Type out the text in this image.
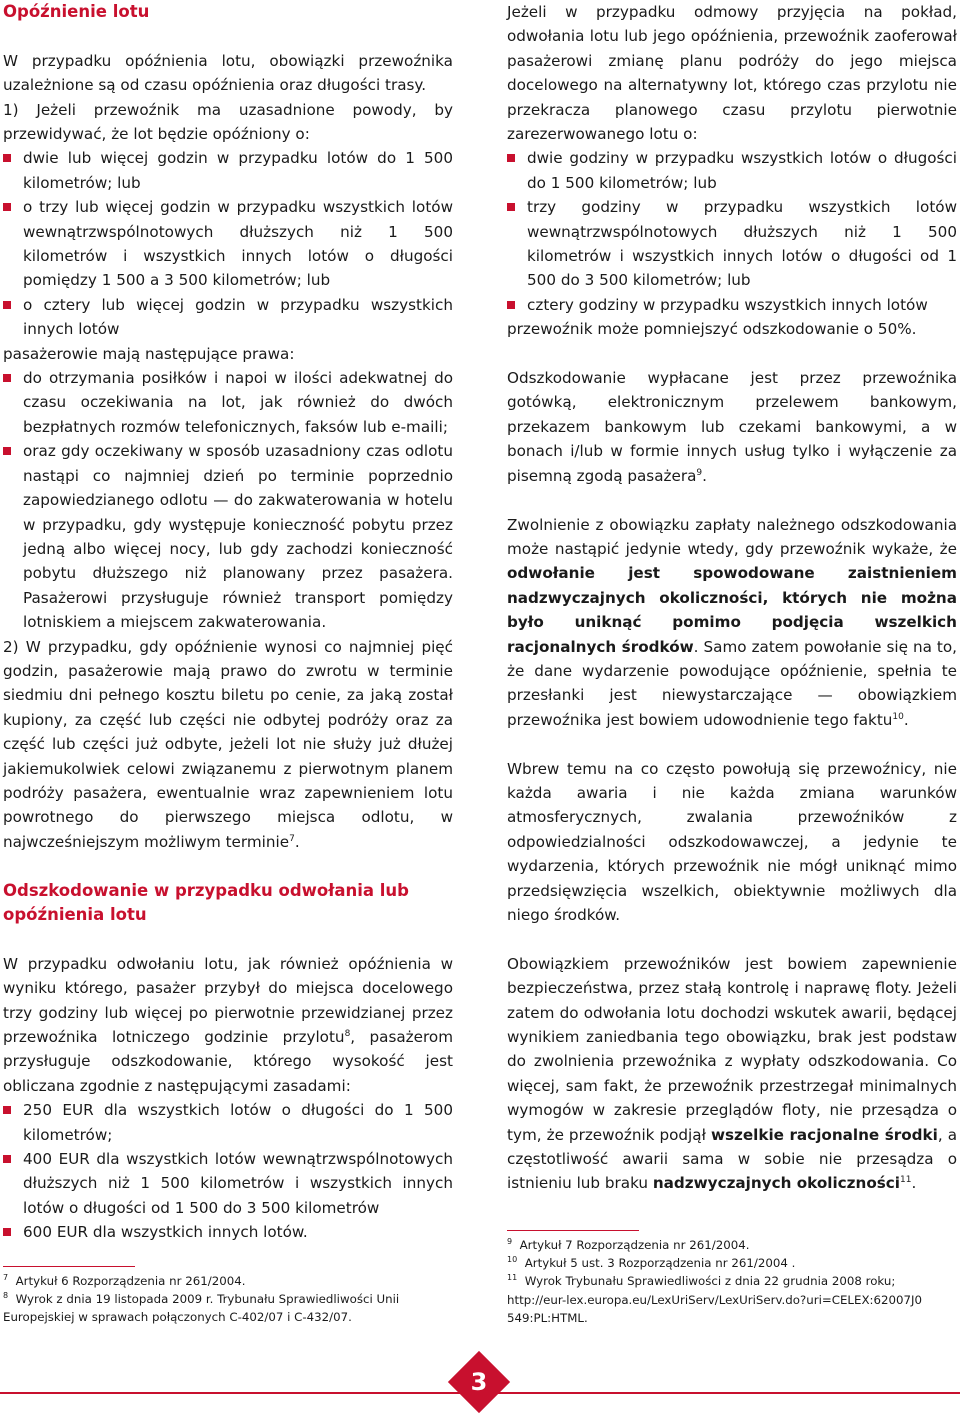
Opóźnienie lotu

W przypadku opóźnienia lotu, obowiązki przewoźnika uzależnione są od czasu opóźnienia oraz długości trasy.

1) Jeżeli przewoźnik ma uzasadnione powody, by przewidywać, że lot będzie opóźniony o:

dwie lub więcej godzin w przypadku lotów do 1 500 kilometrów; lub
o trzy lub więcej godzin w przypadku wszystkich lotów wewnątrzwspólnotowych dłuższych niż 1 500 kilometrów i wszystkich innych lotów o długości pomiędzy 1 500 a 3 500 kilometrów; lub
o cztery lub więcej godzin w przypadku wszystkich innych lotów

pasażerowie mają następujące prawa:

do otrzymania posiłków i napoi w ilości adekwatnej do czasu oczekiwania na lot, jak również do dwóch bezpłatnych rozmów telefonicznych, faksów lub e-maili;
oraz gdy oczekiwany w sposób uzasadniony czas odlotu nastąpi co najmniej dzień po terminie poprzednio zapowiedzianego odlotu — do zakwaterowania w hotelu w przypadku, gdy występuje konieczność pobytu przez jedną albo więcej nocy, lub gdy zachodzi konieczność pobytu dłuższego niż planowany przez pasażera. Pasażerowi przysługuje również transport pomiędzy lotniskiem a miejscem zakwaterowania.

2) W przypadku, gdy opóźnienie wynosi co najmniej pięć godzin, pasażerowie mają prawo do zwrotu w terminie siedmiu dni pełnego kosztu biletu po cenie, za jaką został kupiony, za część lub części nie odbytej podróży oraz za część lub części już odbyte, jeżeli lot nie służy już dłużej jakiemukolwiek celowi związanemu z pierwotnym planem podróży pasażera, ewentualnie wraz zapewnieniem lotu powrotnego do pierwszego miejsca odlotu, w najwcześniejszym możliwym terminie$^7$.

Odszkodowanie w przypadku odwołania lub opóźnienia lotu

W przypadku odwołaniu lotu, jak również opóźnienia w wyniku którego, pasażer przybył do miejsca docelowego trzy godziny lub więcej po pierwotnie przewidzianej przez przewoźnika lotniczego godzinie przylotu$^8$, pasażerom przysługuje odszkodowanie, którego wysokość jest obliczana zgodnie z następującymi zasadami:

250 EUR dla wszystkich lotów o długości do 1 500 kilometrów;
400 EUR dla wszystkich lotów wewnątrzwspólnotowych dłuższych niż 1 500 kilometrów i wszystkich innych lotów o długości od 1 500 do 3 500 kilometrów
600 EUR dla wszystkich innych lotów.
$^7$ Artykuł 6 Rozporządzenia nr 261/2004.
$^8$ Wyrok z dnia 19 listopada 2009 r. Trybunału Sprawiedliwości Unii Europejskiej w sprawach połączonych C-402/07 i C-432/07.

Jeżeli w przypadku odmowy przyjęcia na pokład, odwołania lotu lub jego opóźnienia, przewoźnik zaoferował pasażerowi zmianę planu podróży do jego miejsca docelowego na alternatywny lot, którego czas przylotu nie przekracza planowego czasu przylotu pierwotnie zarezerwowanego lotu o:

dwie godziny w przypadku wszystkich lotów o długości do 1 500 kilometrów; lub
trzy godziny w przypadku wszystkich lotów wewnątrzwspólnotowych dłuższych niż 1 500 kilometrów i wszystkich innych lotów o długości od 1 500 do 3 500 kilometrów; lub
cztery godziny w przypadku wszystkich innych lotów

przewoźnik może pomniejszyć odszkodowanie o 50%.

Odszkodowanie wypłacane jest przez przewoźnika gotówką, elektronicznym przelewem bankowym, przekazem bankowym lub czekami bankowymi, a w bonach i/lub w formie innych usług tylko i wyłączenie za pisemną zgodą pasażera$^9$.

Zwolnienie z obowiązku zapłaty należnego odszkodowania może nastąpić jedynie wtedy, gdy przewoźnik wykaże, że odwołanie jest spowodowane zaistnieniem nadzwyczajnych okoliczności, których nie można było uniknąć pomimo podjęcia wszelkich racjonalnych środków. Samo zatem powołanie się na to, że dane wydarzenie powodujące opóźnienie, spełnia te przesłanki jest niewystarczające — obowiązkiem przewoźnika jest bowiem udowodnienie tego faktu$^{10}$.

Wbrew temu na co często powołują się przewoźnicy, nie każda awaria i nie każda zmiana warunków atmosferycznych, zwalania przewoźników z odpowiedzialności odszkodowawczej, a jedynie te wydarzenia, których przewoźnik nie mógł uniknąć mimo przedsięwzięcia wszelkich, obiektywnie możliwych dla niego środków.

Obowiązkiem przewoźników jest bowiem zapewnienie bezpieczeństwa, przez stałą kontrolę i naprawę floty. Jeżeli zatem do odwołania lotu dochodzi wskutek awarii, będącej wynikiem zaniedbania tego obowiązku, brak jest podstaw do zwolnienia przewoźnika z wypłaty odszkodowania. Co więcej, sam fakt, że przewoźnik przestrzegał minimalnych wymogów w zakresie przeglądów floty, nie przesądza o tym, że przewoźnik podjął wszelkie racjonalne środki, a częstotliwość awarii sama w sobie nie przesądza o istnieniu lub braku nadzwyczajnych okoliczności$^{11}$.

$^9$ Artykuł 7 Rozporządzenia nr 261/2004.
$^{10}$ Artykuł 5 ust. 3 Rozporządzenia nr 261/2004 .
$^{11}$ Wyrok Trybunału Sprawiedliwości z dnia 22 grudnia 2008 roku;
http://eur-lex.europa.eu/LexUriServ/LexUriServ.do?uri=CELEX:62007J0
549:PL:HTML.
3
